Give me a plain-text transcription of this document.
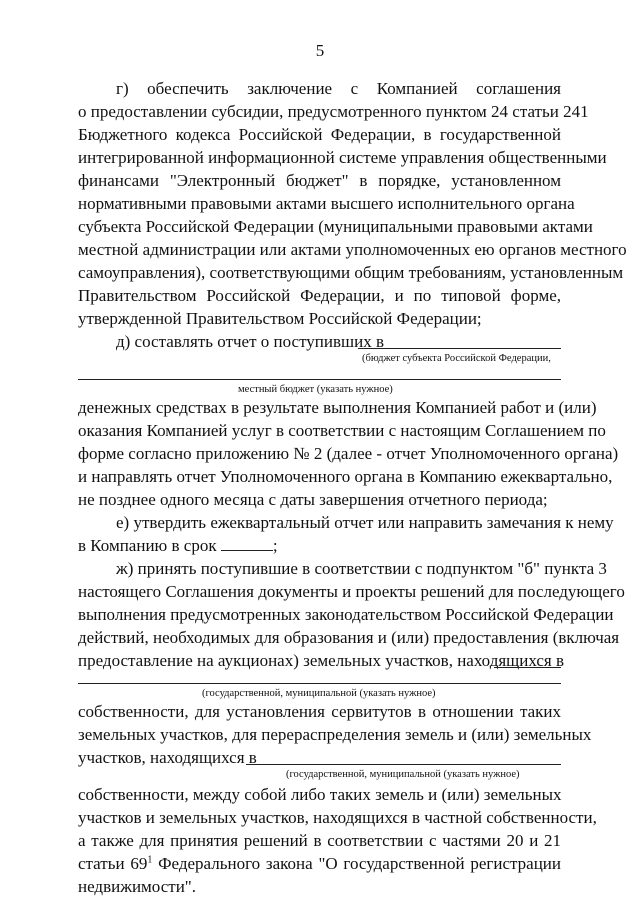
5
г) обеспечить заключение с Компанией соглашения
о предоставлении субсидии, предусмотренного пунктом 24 статьи 241
Бюджетного кодекса Российской Федерации, в государственной
интегрированной информационной системе управления общественными
финансами "Электронный бюджет" в порядке, установленном
нормативными правовыми актами высшего исполнительного органа
субъекта Российской Федерации (муниципальными правовыми актами
местной администрации или актами уполномоченных ею органов местного
самоуправления), соответствующими общим требованиям, установленным
Правительством Российской Федерации, и по типовой форме,
утвержденной Правительством Российской Федерации;
д) составлять отчет о поступивших в
(бюджет субъекта Российской Федерации,
местный бюджет (указать нужное)
денежных средствах в результате выполнения Компанией работ и (или)
оказания Компанией услуг в соответствии с настоящим Соглашением по
форме согласно приложению № 2 (далее - отчет Уполномоченного органа)
и направлять отчет Уполномоченного органа в Компанию ежеквартально,
не позднее одного месяца с даты завершения отчетного периода;
е) утвердить ежеквартальный отчет или направить замечания к нему
в Компанию в срок	;
ж) принять поступившие в соответствии с подпунктом "б" пункта 3
настоящего Соглашения документы и проекты решений для последующего
выполнения предусмотренных законодательством Российской Федерации
действий, необходимых для образования и (или) предоставления (включая
предоставление на аукционах) земельных участков, находящихся в
(государственной, муниципальной (указать нужное)
собственности, для установления сервитутов в отношении таких
земельных участков, для перераспределения земель и (или) земельных
участков, находящихся в
(государственной, муниципальной (указать нужное)
собственности, между собой либо таких земель и (или) земельных
участков и земельных участков, находящихся в частной собственности,
а также для принятия решений в соответствии с частями 20 и 21
статьи $69^1$ Федерального закона "О государственной регистрации
недвижимости".
